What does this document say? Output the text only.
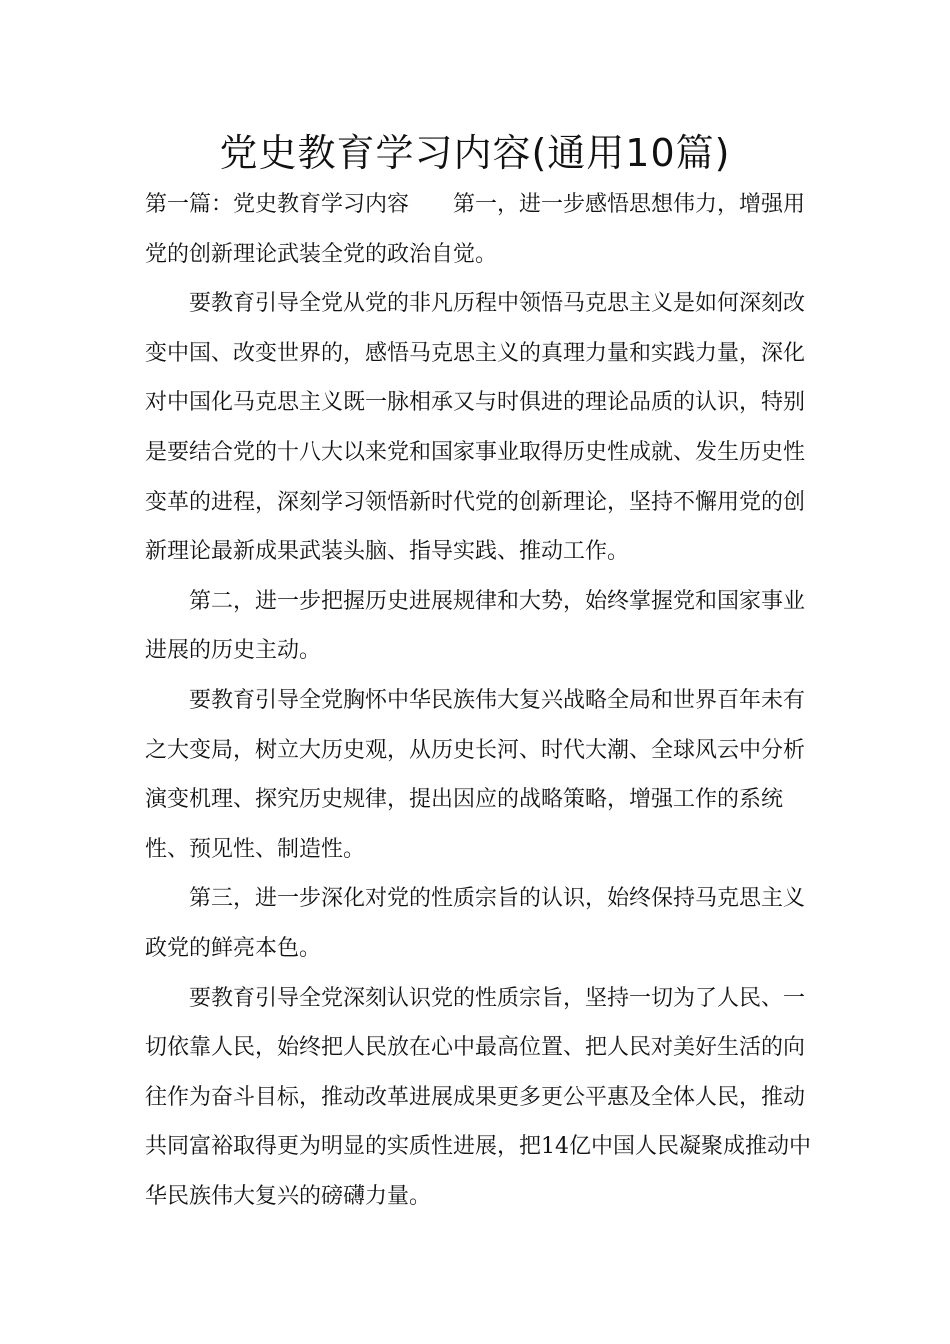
党史教育学习内容(通用10篇)

第一篇：党史教育学习内容　　第一，进一步感悟思想伟力，增强用党的创新理论武装全党的政治自觉。

要教育引导全党从党的非凡历程中领悟马克思主义是如何深刻改变中国、改变世界的，感悟马克思主义的真理力量和实践力量，深化对中国化马克思主义既一脉相承又与时俱进的理论品质的认识，特别是要结合党的十八大以来党和国家事业取得历史性成就、发生历史性变革的进程，深刻学习领悟新时代党的创新理论，坚持不懈用党的创新理论最新成果武装头脑、指导实践、推动工作。

第二，进一步把握历史进展规律和大势，始终掌握党和国家事业进展的历史主动。

要教育引导全党胸怀中华民族伟大复兴战略全局和世界百年未有之大变局，树立大历史观，从历史长河、时代大潮、全球风云中分析演变机理、探究历史规律，提出因应的战略策略，增强工作的系统性、预见性、制造性。

第三，进一步深化对党的性质宗旨的认识，始终保持马克思主义政党的鲜亮本色。

要教育引导全党深刻认识党的性质宗旨，坚持一切为了人民、一切依靠人民，始终把人民放在心中最高位置、把人民对美好生活的向往作为奋斗目标，推动改革进展成果更多更公平惠及全体人民，推动共同富裕取得更为明显的实质性进展，把14亿中国人民凝聚成推动中华民族伟大复兴的磅礴力量。
